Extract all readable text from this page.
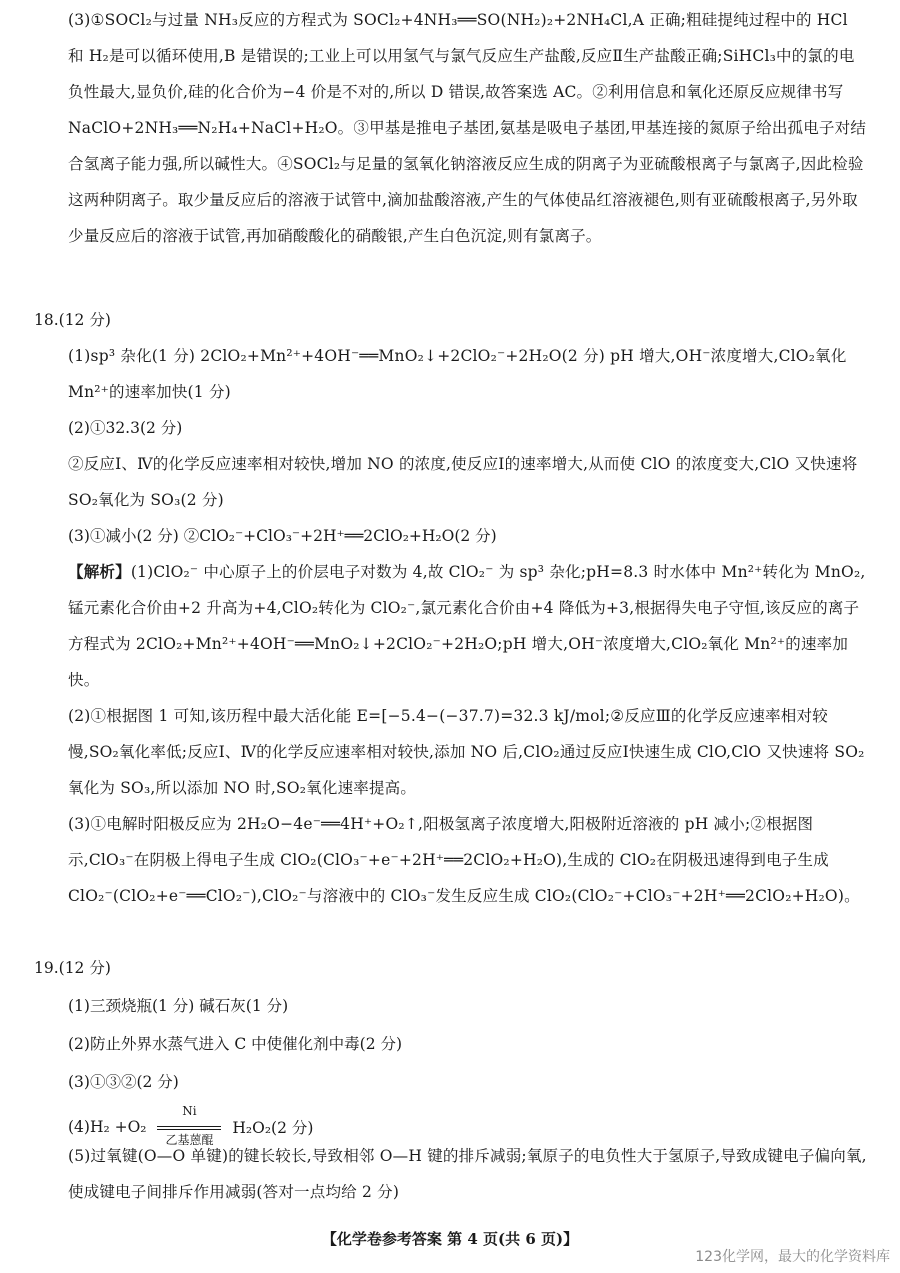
(3)①SOCl₂与过量 NH₃反应的方程式为 SOCl₂+4NH₃══SO(NH₂)₂+2NH₄Cl,A 正确;粗硅提纯过程中的 HCl 和 H₂是可以循环使用,B 是错误的;工业上可以用氢气与氯气反应生产盐酸,反应Ⅱ生产盐酸正确;SiHCl₃中的氯的电负性最大,显负价,硅的化合价为−4 价是不对的,所以 D 错误,故答案选 AC。②利用信息和氧化还原反应规律书写 NaClO+2NH₃══N₂H₄+NaCl+H₂O。③甲基是推电子基团,氨基是吸电子基团,甲基连接的氮原子给出孤电子对结合氢离子能力强,所以碱性大。④SOCl₂与足量的氢氧化钠溶液反应生成的阴离子为亚硫酸根离子与氯离子,因此检验这两种阴离子。取少量反应后的溶液于试管中,滴加盐酸溶液,产生的气体使品红溶液褪色,则有亚硫酸根离子,另外取少量反应后的溶液于试管,再加硝酸酸化的硝酸银,产生白色沉淀,则有氯离子。
18.(12 分)
(1)sp³ 杂化(1 分) 2ClO₂+Mn²⁺+4OH⁻══MnO₂↓+2ClO₂⁻+2H₂O(2 分) pH 增大,OH⁻浓度增大,ClO₂氧化 Mn²⁺的速率加快(1 分)
(2)①32.3(2 分)
②反应Ⅰ、Ⅳ的化学反应速率相对较快,增加 NO 的浓度,使反应Ⅰ的速率增大,从而使 ClO 的浓度变大,ClO 又快速将 SO₂氧化为 SO₃(2 分)
(3)①减小(2 分) ②ClO₂⁻+ClO₃⁻+2H⁺══2ClO₂+H₂O(2 分)
【解析】(1)ClO₂⁻ 中心原子上的价层电子对数为 4,故 ClO₂⁻ 为 sp³ 杂化;pH=8.3 时水体中 Mn²⁺转化为 MnO₂,锰元素化合价由+2 升高为+4,ClO₂转化为 ClO₂⁻,氯元素化合价由+4 降低为+3,根据得失电子守恒,该反应的离子方程式为 2ClO₂+Mn²⁺+4OH⁻══MnO₂↓+2ClO₂⁻+2H₂O;pH 增大,OH⁻浓度增大,ClO₂氧化 Mn²⁺的速率加快。
(2)①根据图 1 可知,该历程中最大活化能 E=[−5.4−(−37.7)=32.3 kJ/mol;②反应Ⅲ的化学反应速率相对较慢,SO₂氧化率低;反应Ⅰ、Ⅳ的化学反应速率相对较快,添加 NO 后,ClO₂通过反应Ⅰ快速生成 ClO,ClO 又快速将 SO₂氧化为 SO₃,所以添加 NO 时,SO₂氧化速率提高。
(3)①电解时阳极反应为 2H₂O−4e⁻══4H⁺+O₂↑,阳极氢离子浓度增大,阳极附近溶液的 pH 减小;②根据图示,ClO₃⁻在阴极上得电子生成 ClO₂(ClO₃⁻+e⁻+2H⁺══2ClO₂+H₂O),生成的 ClO₂在阴极迅速得到电子生成 ClO₂⁻(ClO₂+e⁻══ClO₂⁻),ClO₂⁻与溶液中的 ClO₃⁻发生反应生成 ClO₂(ClO₂⁻+ClO₃⁻+2H⁺══2ClO₂+H₂O)。
19.(12 分)
(1)三颈烧瓶(1 分) 碱石灰(1 分)
(2)防止外界水蒸气进入 C 中使催化剂中毒(2 分)
(3)①③②(2 分)
$(4)H_2 +O_2 \frac{Ni}{\text{乙基蒽醌}} H_2O_2(2$ 分)
(5)过氧键(O—O 单键)的键长较长,导致相邻 O—H 键的排斥减弱;氧原子的电负性大于氢原子,导致成键电子偏向氧,使成键电子间排斥作用减弱(答对一点均给 2 分)
【化学卷参考答案 第 4 页(共 6 页)】
123化学网，最大的化学资料库
